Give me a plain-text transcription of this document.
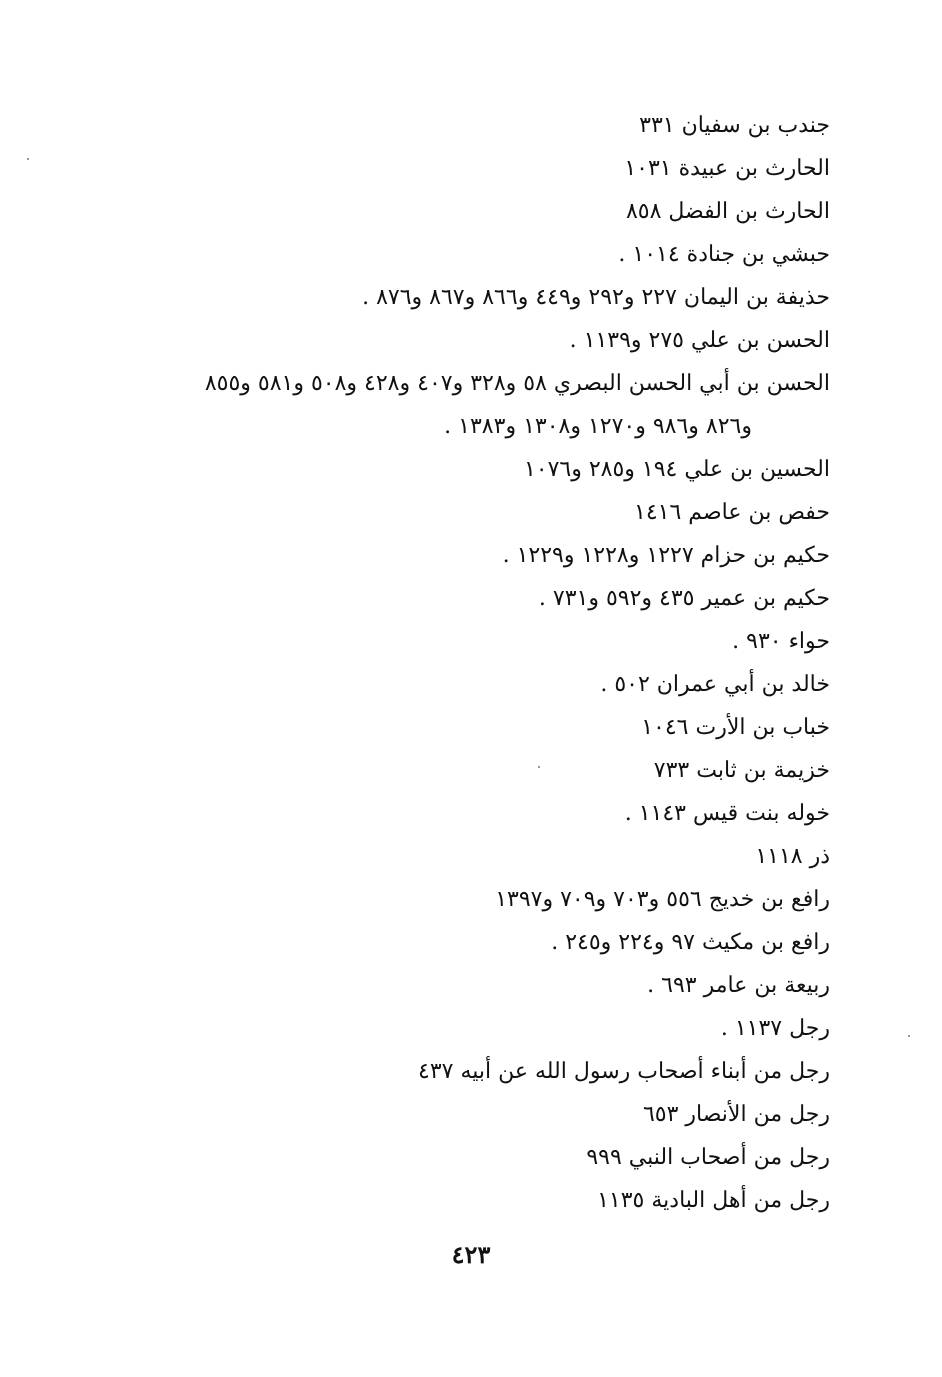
جندب بن سفيان ٣٣١
الحارث بن عبيدة ١٠٣١
الحارث بن الفضل ٨٥٨
حبشي بن جنادة ١٠١٤ .
حذيفة بن اليمان ٢٢٧ و٢٩٢ و٤٤٩ و٨٦٦ و٨٦٧ و٨٧٦ .
الحسن بن علي ٢٧٥ و١١٣٩ .
الحسن بن أبي الحسن البصري ٥٨ و٣٢٨ و٤٠٧ و٤٢٨ و٥٠٨ و٥٨١ و٨٥٥
و٨٢٦ و٩٨٦ و١٢٧٠ و١٣٠٨ و١٣٨٣ .
الحسين بن علي ١٩٤ و٢٨٥ و١٠٧٦
حفص بن عاصم ١٤١٦
حكيم بن حزام ١٢٢٧ و١٢٢٨ و١٢٢٩ .
حكيم بن عمير ٤٣٥ و٥٩٢ و٧٣١ .
حواء ٩٣٠ .
خالد بن أبي عمران ٥٠٢ .
خباب بن الأرت ١٠٤٦
خزيمة بن ثابت ٧٣٣
خوله بنت قيس ١١٤٣ .
ذر ١١١٨
رافع بن خديج ٥٥٦ و٧٠٣ و٧٠٩ و١٣٩٧
رافع بن مكيث ٩٧ و٢٢٤ و٢٤٥ .
ربيعة بن عامر ٦٩٣ .
رجل ١١٣٧ .
رجل من أبناء أصحاب رسول الله عن أبيه ٤٣٧
رجل من الأنصار ٦٥٣
رجل من أصحاب النبي ٩٩٩
رجل من أهل البادية ١١٣٥
٤٢٣
